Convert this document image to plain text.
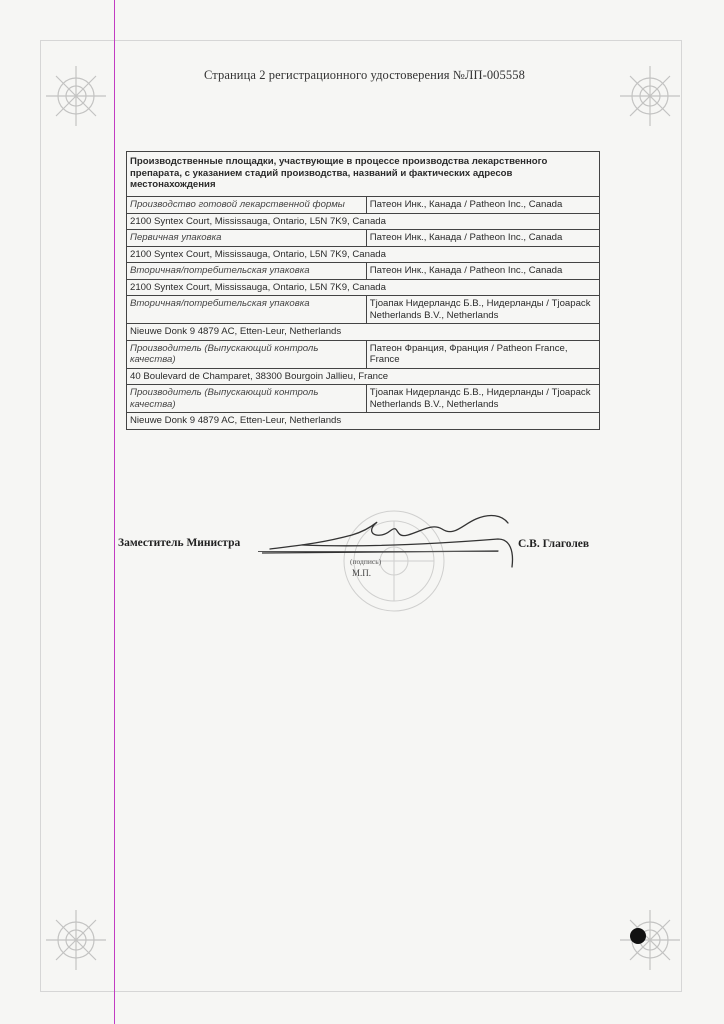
Страница 2 регистрационного удостоверения №ЛП-005558
Производственные площадки, участвующие в процессе производства лекарственного препарата, с указанием стадий производства, названий и фактических адресов местонахождения	
Производство готовой лекарственной формы	Патеон Инк., Канада / Patheon Inc., Canada
2100 Syntex Court, Mississauga, Ontario, L5N 7K9, Canada	
Первичная упаковка	Патеон Инк., Канада / Patheon Inc., Canada
2100 Syntex Court, Mississauga, Ontario, L5N 7K9, Canada	
Вторичная/потребительская упаковка	Патеон Инк., Канада / Patheon Inc., Canada
2100 Syntex Court, Mississauga, Ontario, L5N 7K9, Canada	
Вторичная/потребительская упаковка	Тjоапак Нидерландс Б.В., Нидерланды / Tjoapack Netherlands B.V., Netherlands
Nieuwe Donk 9 4879 AC, Etten-Leur, Netherlands	
Производитель (Выпускающий контроль качества)	Патеон Франция, Франция / Patheon France, France
40 Boulevard de Champaret, 38300 Bourgoin Jallieu, France	
Производитель (Выпускающий контроль качества)	Тjоапак Нидерландс Б.В., Нидерланды / Tjoapack Netherlands B.V., Netherlands
Nieuwe Donk 9 4879 AC, Etten-Leur, Netherlands	
Заместитель Министра
(подпись)
М.П.
С.В. Глаголев
